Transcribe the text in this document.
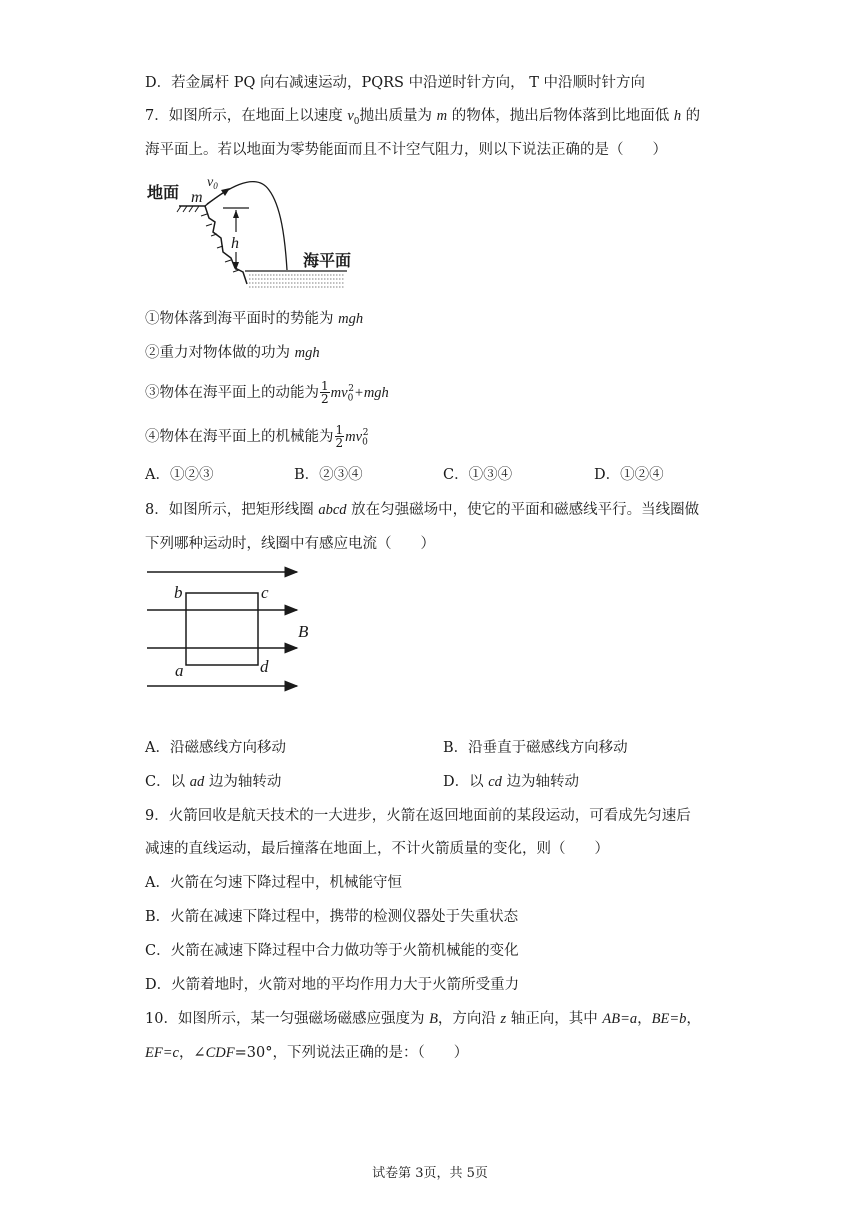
D．若金属杆 PQ 向右减速运动，PQRS 中沿逆时针方向， T 中沿顺时针方向
7．如图所示，在地面上以速度 $v_0$抛出质量为 m 的物体，抛出后物体落到比地面低 h 的
海平面上。若以地面为零势能面而且不计空气阻力，则以下说法正确的是（　　）
地面 m
$v_0$
h
海平面
①物体落到海平面时的势能为 mgh
②重力对物体做的功为 mgh
③物体在海平面上的动能为 $\frac{1}{2} mv_0^2+mgh$
④物体在海平面上的机械能为 $\frac{1}{2} mv_0^2$
A．①②③	B．②③④	C．①③④	D．①②④
8．如图所示，把矩形线圈 abcd 放在匀强磁场中，使它的平面和磁感线平行。当线圈做
下列哪种运动时，线圈中有感应电流（　　）
b	c
a	d
B
A．沿磁感线方向移动	B．沿垂直于磁感线方向移动
C．以 ad 边为轴转动	D．以 cd 边为轴转动
9．火箭回收是航天技术的一大进步，火箭在返回地面前的某段运动，可看成先匀速后
减速的直线运动，最后撞落在地面上，不计火箭质量的变化，则（　　）
A．火箭在匀速下降过程中，机械能守恒
B．火箭在减速下降过程中，携带的检测仪器处于失重状态
C．火箭在减速下降过程中合力做功等于火箭机械能的变化
D．火箭着地时，火箭对地的平均作用力大于火箭所受重力
10．如图所示，某一匀强磁场磁感应强度为 B，方向沿 z 轴正向，其中 AB=a，BE=b，
EF=c，∠CDF=30°，下列说法正确的是：（　　）
试卷第 3页，共 5页
